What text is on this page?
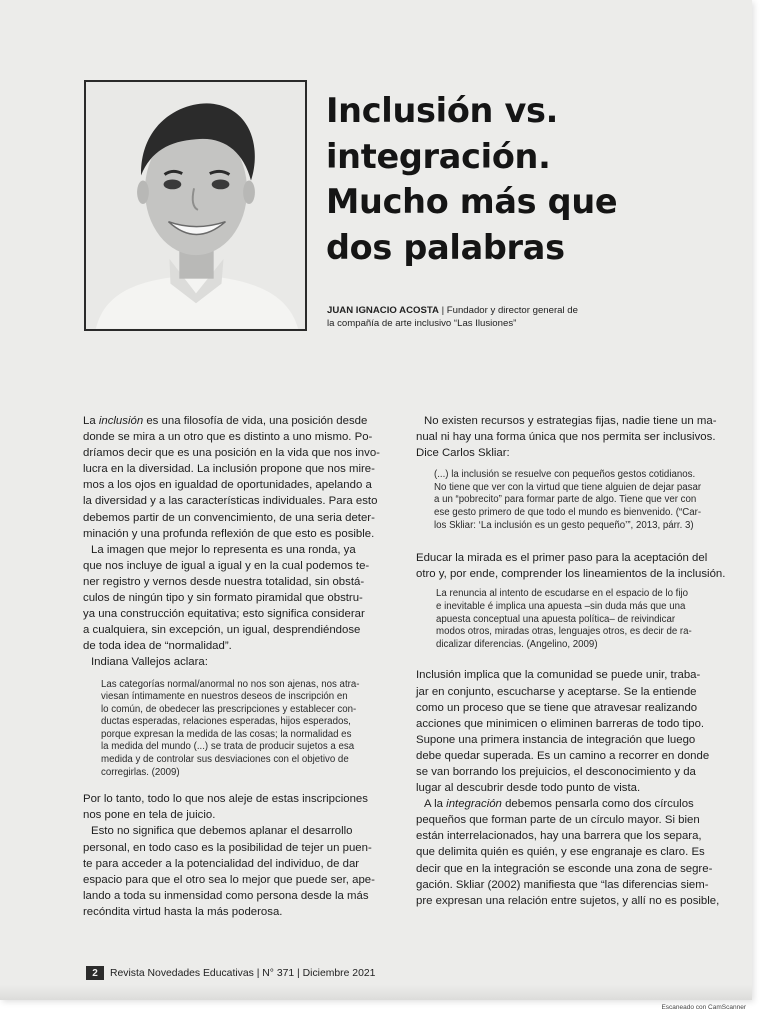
Inclusión vs.
integración.
Mucho más que
dos palabras
JUAN IGNACIO ACOSTA | Fundador y director general de
la compañía de arte inclusivo “Las Ilusiones”

La inclusión es una filosofía de vida, una posición desde
donde se mira a un otro que es distinto a uno mismo. Po-
dríamos decir que es una posición en la vida que nos invo-
lucra en la diversidad. La inclusión propone que nos mire-
mos a los ojos en igualdad de oportunidades, apelando a
la diversidad y a las características individuales. Para esto
debemos partir de un convencimiento, de una seria deter-
minación y una profunda reflexión de que esto es posible.

La imagen que mejor lo representa es una ronda, ya
que nos incluye de igual a igual y en la cual podemos te-
ner registro y vernos desde nuestra totalidad, sin obstá-
culos de ningún tipo y sin formato piramidal que obstru-
ya una construcción equitativa; esto significa considerar
a cualquiera, sin excepción, un igual, desprendiéndose
de toda idea de “normalidad”.

Indiana Vallejos aclara:

Las categorías normal/anormal no nos son ajenas, nos atra-
viesan íntimamente en nuestros deseos de inscripción en
lo común, de obedecer las prescripciones y establecer con-
ductas esperadas, relaciones esperadas, hijos esperados,
porque expresan la medida de las cosas; la normalidad es
la medida del mundo (...) se trata de producir sujetos a esa
medida y de controlar sus desviaciones con el objetivo de
corregirlas. (2009)

Por lo tanto, todo lo que nos aleje de estas inscripciones
nos pone en tela de juicio.

Esto no significa que debemos aplanar el desarrollo
personal, en todo caso es la posibilidad de tejer un puen-
te para acceder a la potencialidad del individuo, de dar
espacio para que el otro sea lo mejor que puede ser, ape-
lando a toda su inmensidad como persona desde la más
recóndita virtud hasta la más poderosa.

No existen recursos y estrategias fijas, nadie tiene un ma-
nual ni hay una forma única que nos permita ser inclusivos.
Dice Carlos Skliar:

(...) la inclusión se resuelve con pequeños gestos cotidianos.
No tiene que ver con la virtud que tiene alguien de dejar pasar
a un “pobrecito” para formar parte de algo. Tiene que ver con
ese gesto primero de que todo el mundo es bienvenido. (“Car-
los Skliar: ‘La inclusión es un gesto pequeño’”, 2013, párr. 3)

Educar la mirada es el primer paso para la aceptación del
otro y, por ende, comprender los lineamientos de la inclusión.

La renuncia al intento de escudarse en el espacio de lo fijo
e inevitable é implica una apuesta –sin duda más que una
apuesta conceptual una apuesta política– de reivindicar
modos otros, miradas otras, lenguajes otros, es decir de ra-
dicalizar diferencias. (Angelino, 2009)

Inclusión implica que la comunidad se puede unir, traba-
jar en conjunto, escucharse y aceptarse. Se la entiende
como un proceso que se tiene que atravesar realizando
acciones que minimicen o eliminen barreras de todo tipo.
Supone una primera instancia de integración que luego
debe quedar superada. Es un camino a recorrer en donde
se van borrando los prejuicios, el desconocimiento y da
lugar al descubrir desde todo punto de vista.

A la integración debemos pensarla como dos círculos
pequeños que forman parte de un círculo mayor. Si bien
están interrelacionados, hay una barrera que los separa,
que delimita quién es quién, y ese engranaje es claro. Es
decir que en la integración se esconde una zona de segre-
gación. Skliar (2002) manifiesta que “las diferencias siem-
pre expresan una relación entre sujetos, y allí no es posible,

2	Revista Novedades Educativas | N° 371 | Diciembre 2021
Escaneado con CamScanner
